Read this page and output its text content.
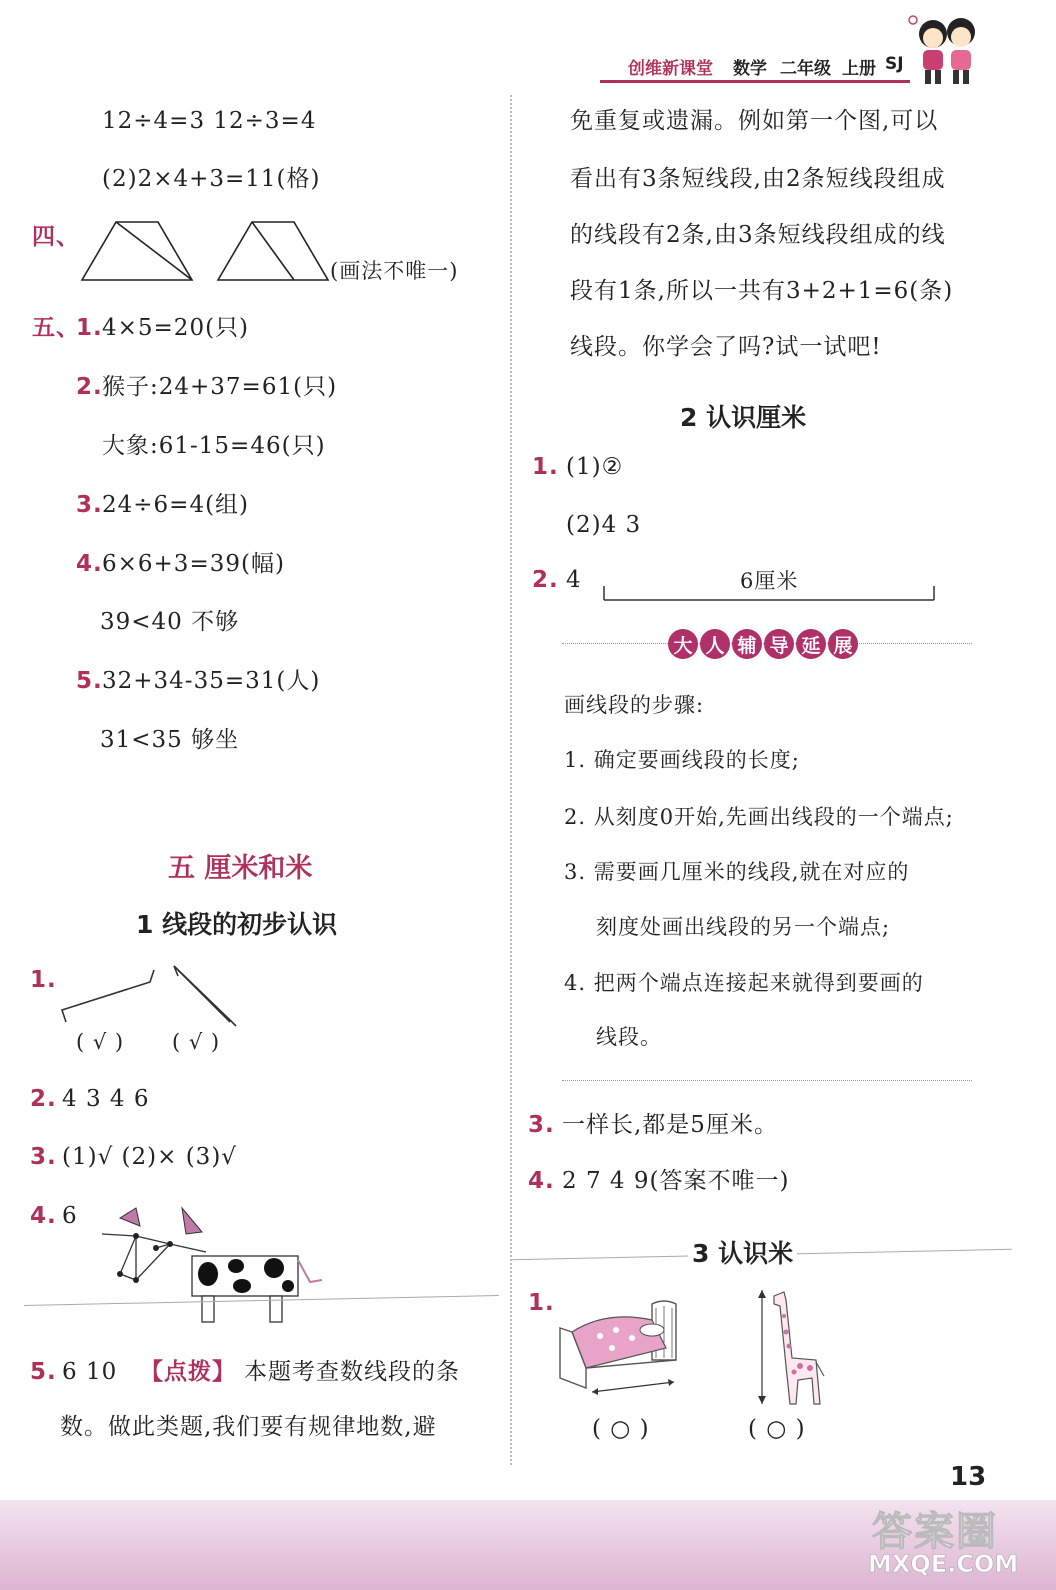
创维新课堂 数学 二年级 上册 SJ
12÷4=3 12÷3=4
(2)2×4+3=11(格)
四、
(画法不唯一)
五、
1. 4×5=20(只)
2. 猴子:24+37=61(只)
大象:61-15=46(只)
3. 24÷6=4(组)
4. 6×6+3=39(幅)
39<40 不够
5. 32+34-35=31(人)
31<35 够坐
五 厘米和米
1 线段的初步认识
1.
( √ ) ( √ )
2. 4 3 4 6
3. (1)√ (2)× (3)√
4. 6
5. 6 10 【点拨】 本题考查数线段的条
数。做此类题,我们要有规律地数,避
免重复或遗漏。例如第一个图,可以
看出有3条短线段,由2条短线段组成
的线段有2条,由3条短线段组成的线
段有1条,所以一共有3+2+1=6(条)
线段。你学会了吗?试一试吧!
2 认识厘米
1. (1)②
(2)4 3
2. 4	6厘米
大 人 辅 导 延 展
画线段的步骤:
1. 确定要画线段的长度;
2. 从刻度0开始,先画出线段的一个端点;
3. 需要画几厘米的线段,就在对应的
刻度处画出线段的另一个端点;
4. 把两个端点连接起来就得到要画的
线段。
3. 一样长,都是5厘米。
4. 2 7 4 9(答案不唯一)
3 认识米
1.
( ○ )	( ○ )
13
答案圈
MXQE.COM
